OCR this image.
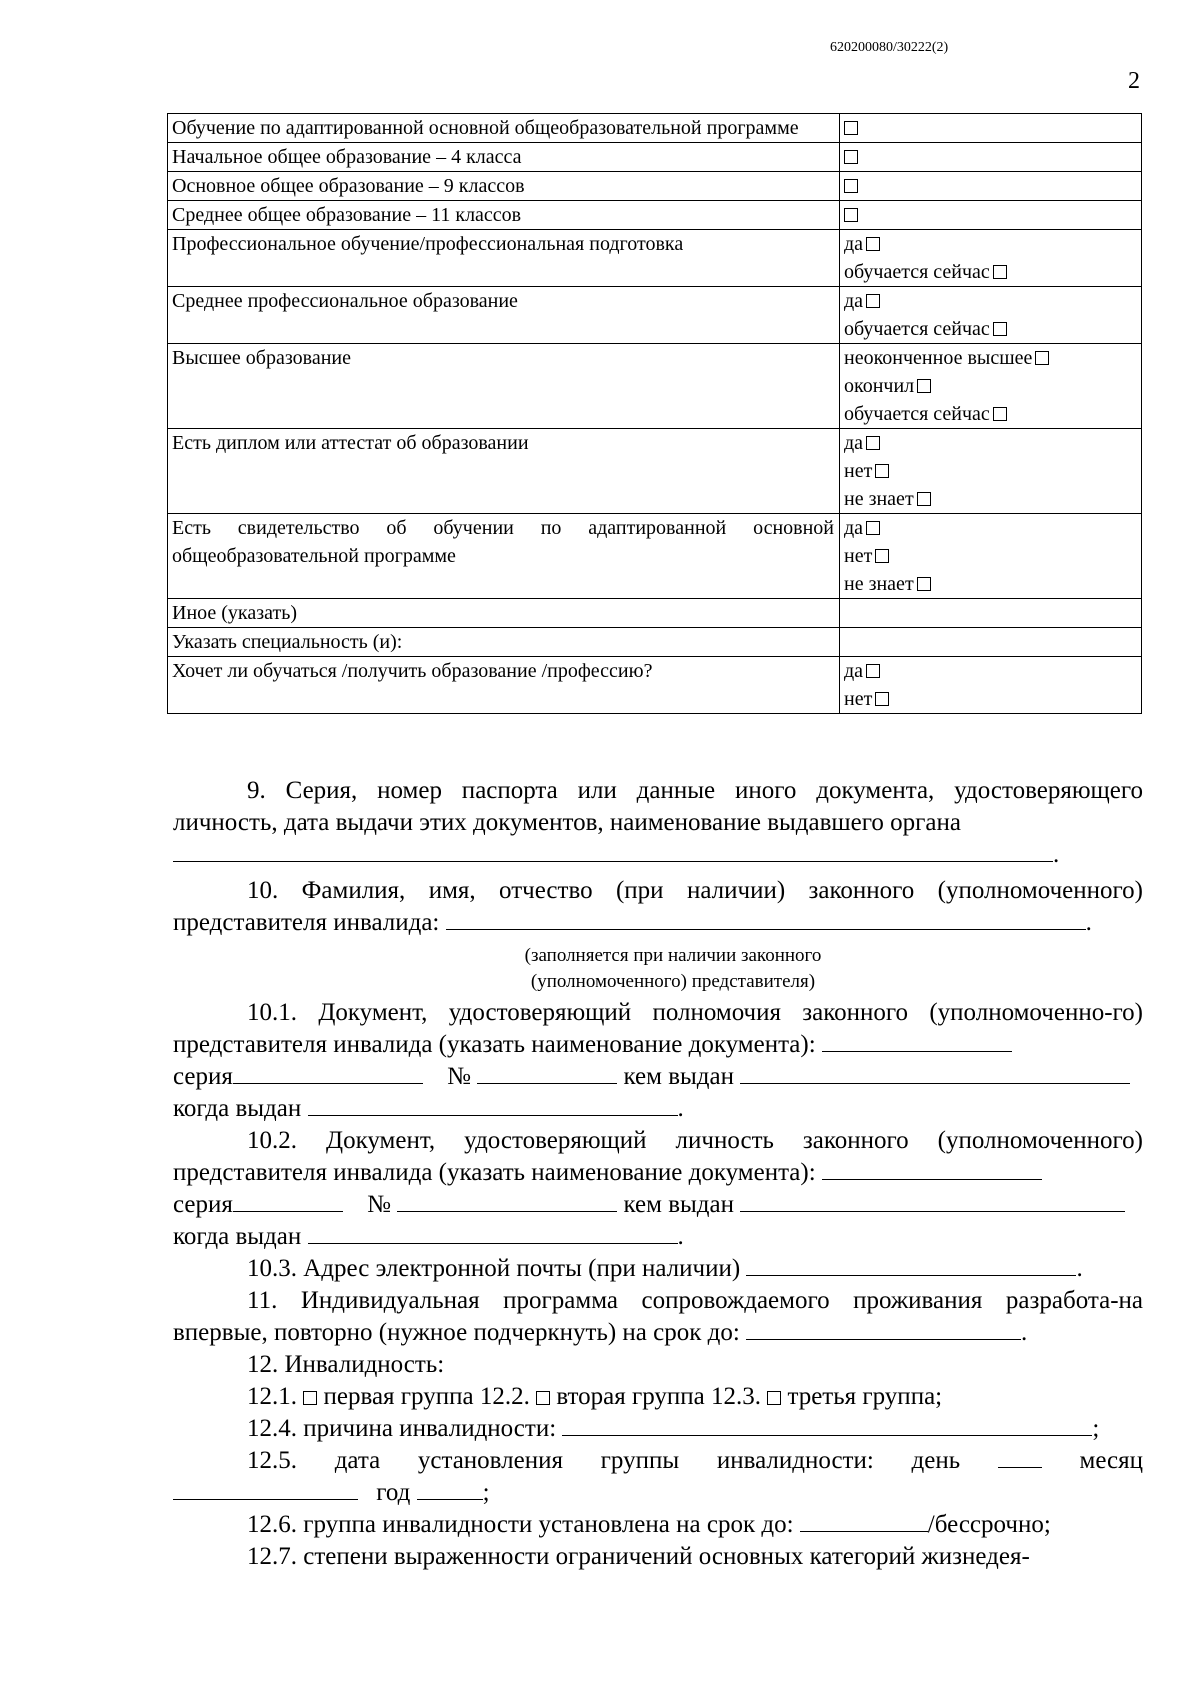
620200080/30222(2)
2
Обучение по адаптированной основной общеобразовательной программе	

Начальное общее образование – 4 класса	

Основное общее образование – 9 классов	

Среднее общее образование – 11 классов	

Профессиональное обучение/профессиональная подготовка	да
обучается сейчас

Среднее профессиональное образование	да
обучается сейчас

Высшее образование	неоконченное высшее
окончил
обучается сейчас

Есть диплом или аттестат об образовании	да
нет
не знает

Есть свидетельство об обучении по адаптированной основной общеобразовательной программе	да
нет
не знает

Иное (указать)	
Указать специальность (и):	
Хочет ли обучаться /получить образование /профессию?	да
нет
9. Серия, номер паспорта или данные иного документа, удостоверяющего личность, дата выдачи этих документов, наименование выдавшего органа
.
10. Фамилия, имя, отчество (при наличии) законного (уполномоченного) представителя инвалида:	.
(заполняется при наличии законного
(уполномоченного) представителя)
10.1. Документ, удостоверяющий полномочия законного (уполномоченно-го) представителя инвалида (указать наименование документа):
серия	№	кем выдан
когда выдан	.
10.2. Документ, удостоверяющий личность законного (уполномоченного) представителя инвалида (указать наименование документа):
серия	№	кем выдан
когда выдан	.
10.3. Адрес электронной почты (при наличии)	.
11. Индивидуальная программа сопровождаемого проживания разработа-на впервые, повторно (нужное подчеркнуть) на срок до:	.
12. Инвалидность:
12.1. первая группа 12.2. вторая группа 12.3. третья группа;
12.4. причина инвалидности:	;
12.5. дата установления группы инвалидности: день	месяц
год	;
12.6. группа инвалидности установлена на срок до:	/бессрочно;
12.7. степени выраженности ограничений основных категорий жизнедея-
